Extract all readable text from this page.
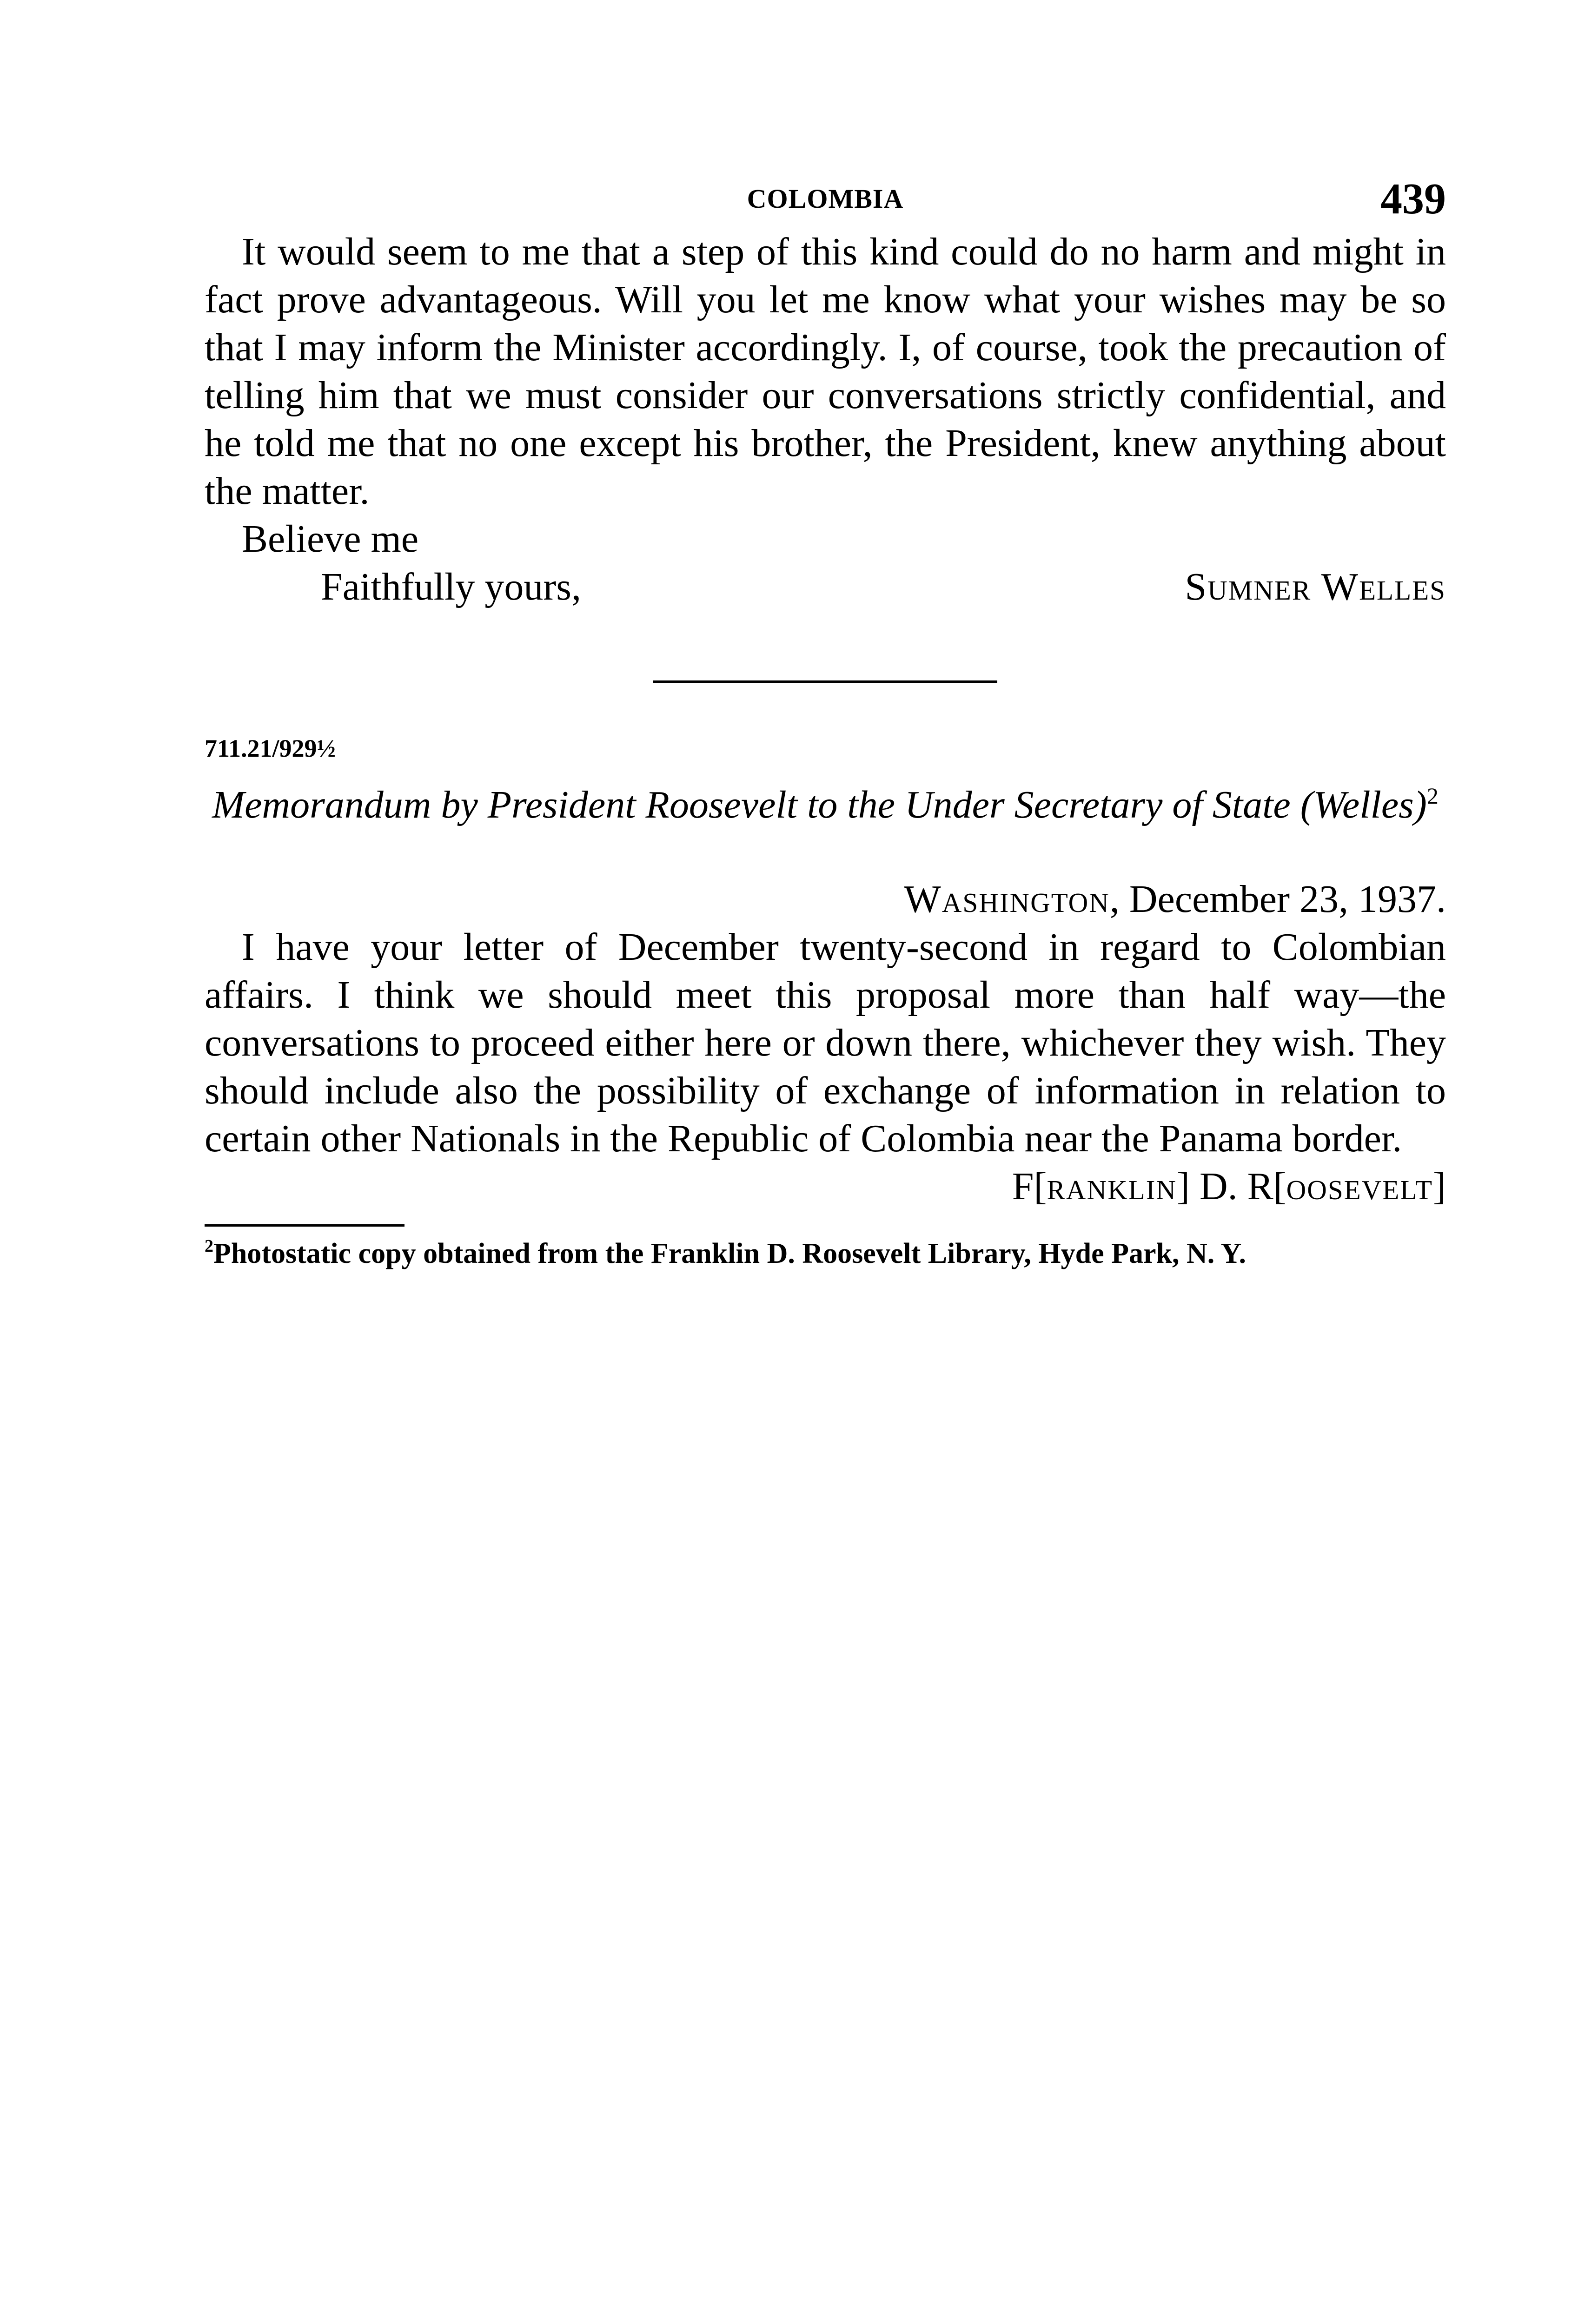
COLOMBIA	439

It would seem to me that a step of this kind could do no harm and might in fact prove advantageous. Will you let me know what your wishes may be so that I may inform the Minister accordingly. I, of course, took the precaution of telling him that we must consider our conversations strictly confidential, and he told me that no one except his brother, the President, knew anything about the matter.

Believe me

Faithfully yours,	Sumner Welles

711.21/929½

Memorandum by President Roosevelt to the Under Secretary of State (Welles)$^2$

Washington, December 23, 1937.

I have your letter of December twenty-second in regard to Colombian affairs. I think we should meet this proposal more than half way—the conversations to proceed either here or down there, whichever they wish. They should include also the possibility of exchange of information in relation to certain other Nationals in the Republic of Colombia near the Panama border.

F[ranklin] D. R[oosevelt]

$^2$Photostatic copy obtained from the Franklin D. Roosevelt Library, Hyde Park, N. Y.
